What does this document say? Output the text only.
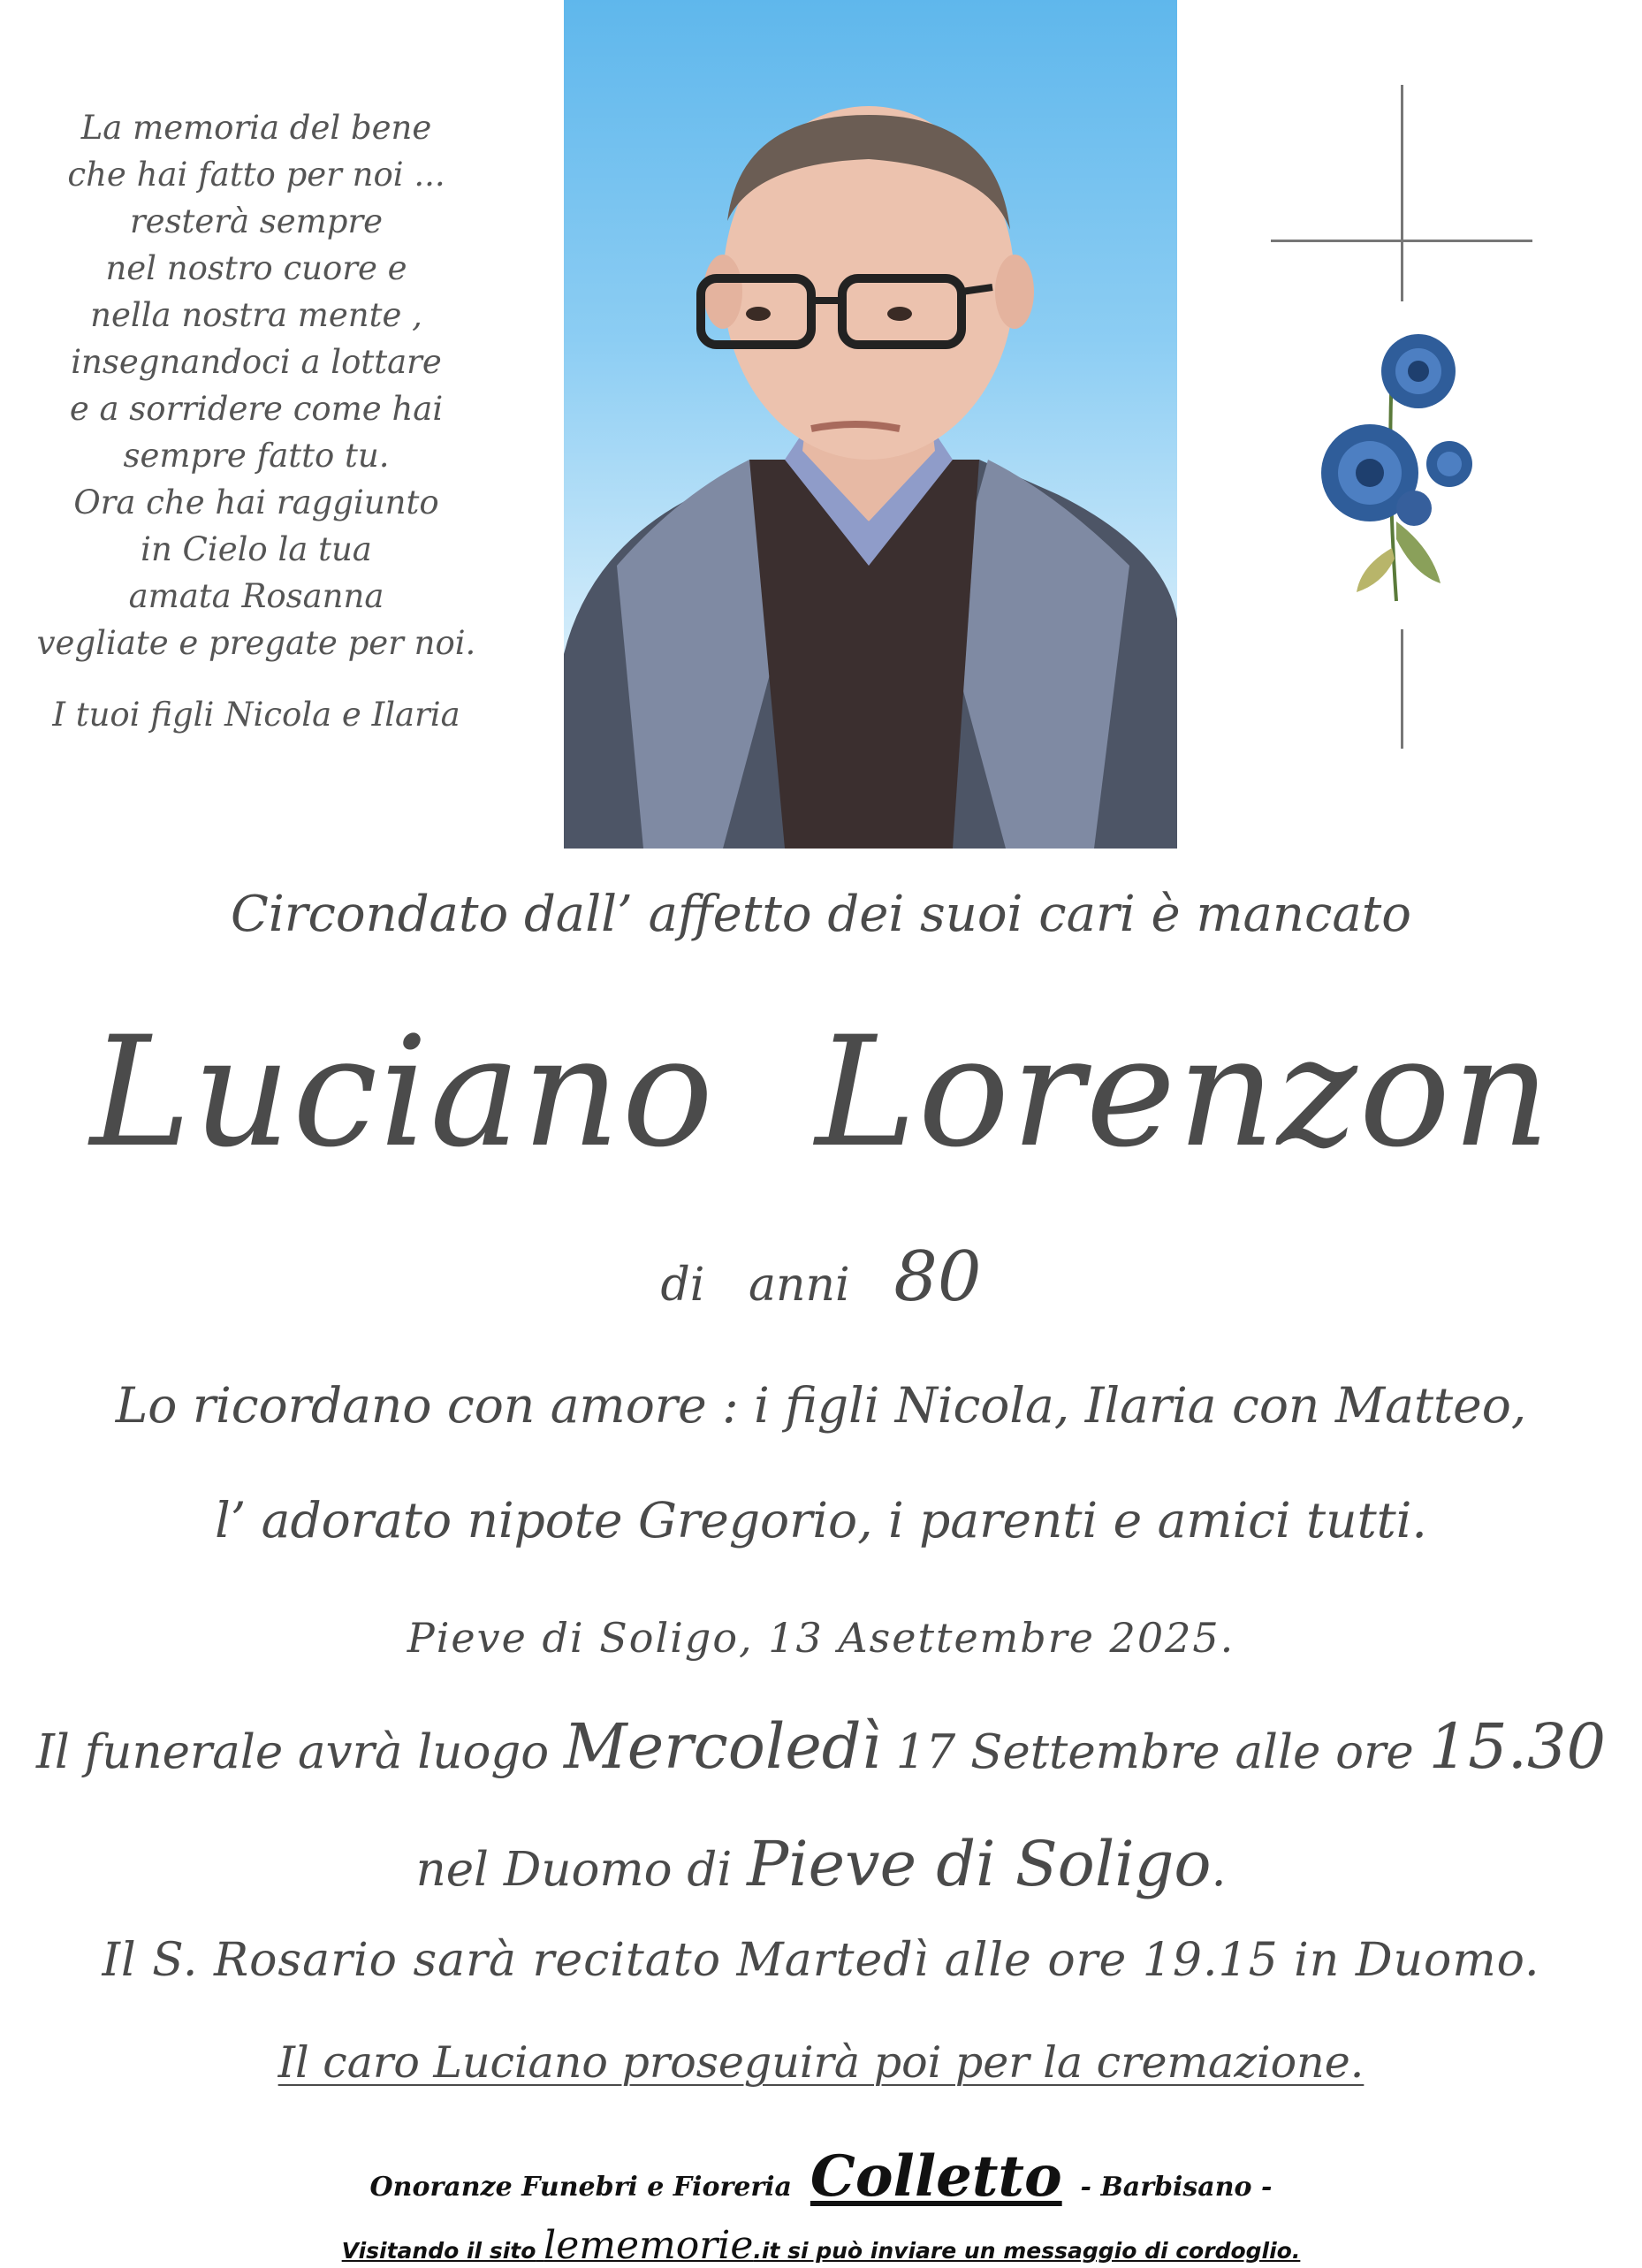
La memoria del bene
che hai fatto per noi ...
resterà sempre
nel nostro cuore e
nella nostra mente ,
insegnandoci a lottare
e a sorridere come hai
sempre fatto tu.
Ora che hai raggiunto
in Cielo la tua
amata Rosanna
vegliate e pregate per noi.
I tuoi figli Nicola e Ilaria
Circondato dall’ affetto dei suoi cari è mancato
Luciano Lorenzon
di anni 80
Lo ricordano con amore : i figli Nicola, Ilaria con Matteo,
l’ adorato nipote Gregorio, i parenti e amici tutti.
Pieve di Soligo, 13 Asettembre 2025.
Il funerale avrà luogo Mercoledì 17 Settembre alle ore 15.30
nel Duomo di Pieve di Soligo.
Il S. Rosario sarà recitato Martedì alle ore 19.15 in Duomo.
Il caro Luciano proseguirà poi per la cremazione.
Onoranze Funebri e Fioreria Colletto - Barbisano -
Visitando il sito lememorie.it si può inviare un messaggio di cordoglio.
